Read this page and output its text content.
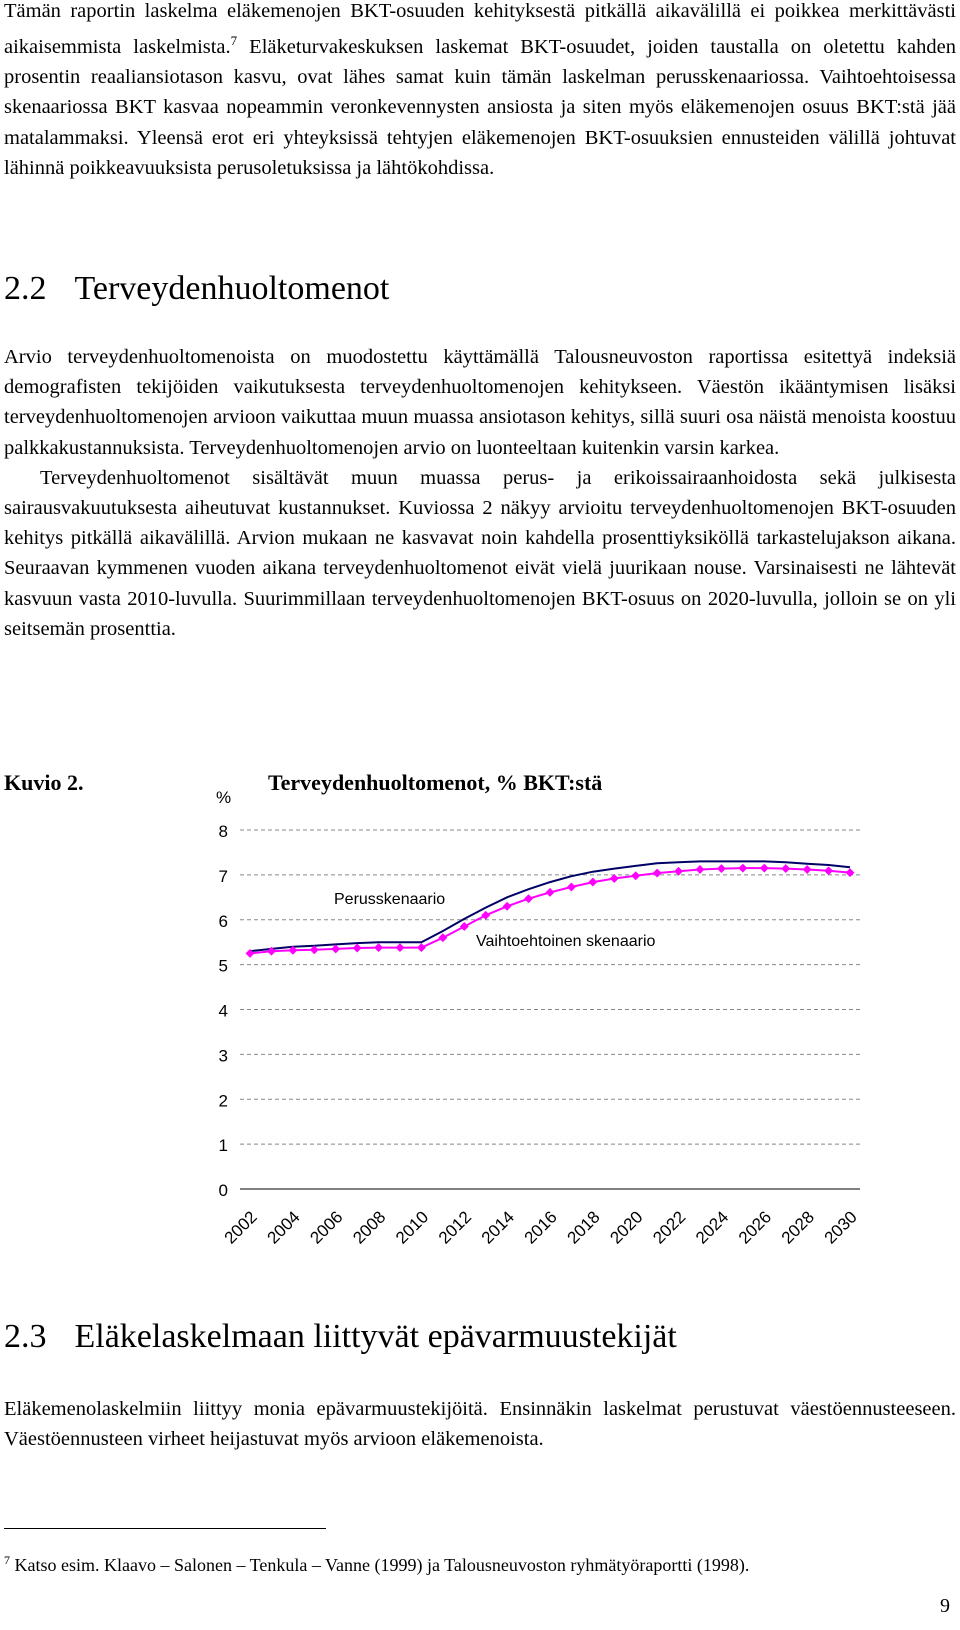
Tämän raportin laskelma eläkemenojen BKT-osuuden kehityksestä pitkällä aikavälillä ei poikkea merkittävästi aikaisemmista laskelmista.$^7$ Eläketurvakeskuksen laskemat BKT-osuudet, joiden taustalla on oletettu kahden prosentin reaaliansiotason kasvu, ovat lähes samat kuin tämän laskelman perusskenaariossa. Vaihtoehtoisessa skenaariossa BKT kasvaa nopeammin veronkevennysten ansiosta ja siten myös eläkemenojen osuus BKT:stä jää matalammaksi. Yleensä erot eri yhteyksissä tehtyjen eläkemenojen BKT-osuuksien ennusteiden välillä johtuvat lähinnä poikkeavuuksista perusoletuksissa ja lähtökohdissa.

2.2 Terveydenhuoltomenot

Arvio terveydenhuoltomenoista on muodostettu käyttämällä Talousneuvoston raportissa esitettyä indeksiä demografisten tekijöiden vaikutuksesta terveydenhuoltomenojen kehitykseen. Väestön ikääntymisen lisäksi terveydenhuoltomenojen arvioon vaikuttaa muun muassa ansiotason kehitys, sillä suuri osa näistä menoista koostuu palkkakustannuksista. Terveydenhuoltomenojen arvio on luonteeltaan kuitenkin varsin karkea.

Terveydenhuoltomenot sisältävät muun muassa perus- ja erikoissairaanhoidosta sekä julkisesta sairausvakuutuksesta aiheutuvat kustannukset. Kuviossa 2 näkyy arvioitu terveydenhuoltomenojen BKT-osuuden kehitys pitkällä aikavälillä. Arvion mukaan ne kasvavat noin kahdella prosenttiyksiköllä tarkastelujakson aikana. Seuraavan kymmenen vuoden aikana terveydenhuoltomenot eivät vielä juurikaan nouse. Varsinaisesti ne lähtevät kasvuun vasta 2010-luvulla. Suurimmillaan terveydenhuoltomenojen BKT-osuus on 2020-luvulla, jolloin se on yli seitsemän prosenttia.

Kuvio 2.	Terveydenhuoltomenot, % BKT:stä
0
1
2
3
4
5
6
7
8
%
2002 2004 2006 2008 2010 2012 2014 2016 2018 2020 2022 2024 2026 2028 2030
Perusskenaario
Vaihtoehtoinen skenaario
2.3 Eläkelaskelmaan liittyvät epävarmuustekijät

Eläkemenolaskelmiin liittyy monia epävarmuustekijöitä. Ensinnäkin laskelmat perustuvat väestöennusteeseen. Väestöennusteen virheet heijastuvat myös arvioon eläkemenoista.

$^7$ Katso esim. Klaavo – Salonen – Tenkula – Vanne (1999) ja Talousneuvoston ryhmätyöraportti (1998).
9
